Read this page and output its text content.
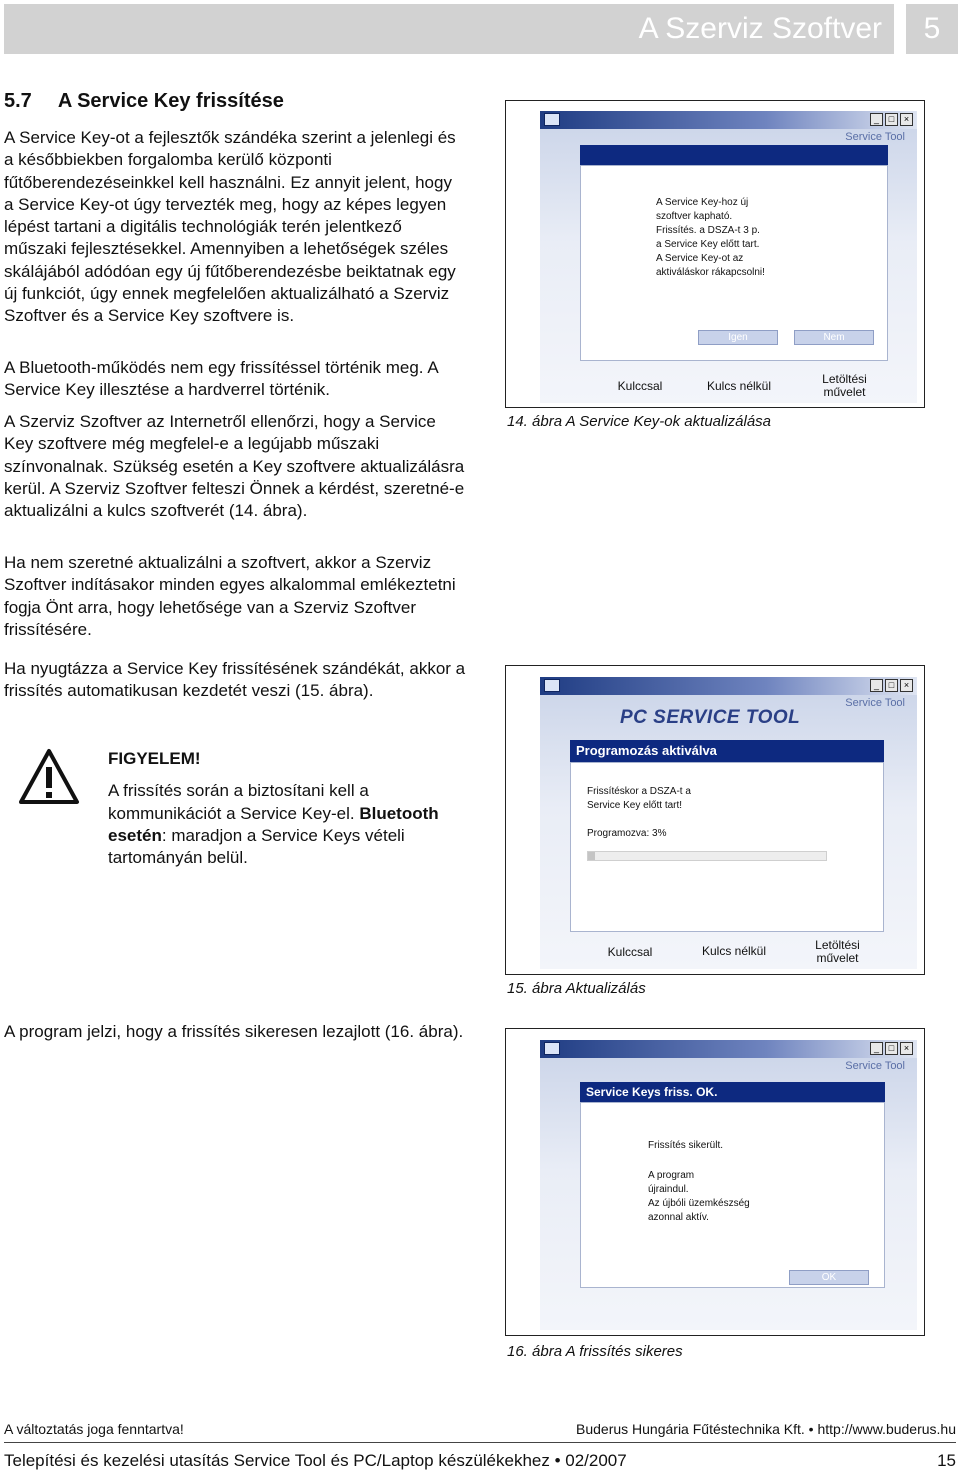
A Szerviz Szoftver	5
5.7 A Service Key frissítése
A Service Key-ot a fejlesztők szándéka szerint a jelenlegi és a későbbiekben forgalomba kerülő központi fűtőberendezéseinkkel kell használni. Ez annyit jelent, hogy a Service Key-ot úgy tervezték meg, hogy az képes legyen lépést tartani a digitális technológiák terén jelentkező műszaki fejlesztésekkel. Amennyiben a lehetőségek széles skálájából adódóan egy új fűtőberendezésbe beiktatnak egy új funkciót, úgy ennek megfelelően aktualizálható a Szerviz Szoftver és a Service Key szoftvere is.
A Bluetooth-működés nem egy frissítéssel történik meg. A Service Key illesztése a hardverrel történik.
A Szerviz Szoftver az Internetről ellenőrzi, hogy a Service Key szoftvere még megfelel-e a legújabb műszaki színvonalnak. Szükség esetén a Key szoftvere aktualizálásra kerül. A Szerviz Szoftver felteszi Önnek a kérdést, szeretné-e aktualizálni a kulcs szoftverét (14. ábra).
Ha nem szeretné aktualizálni a szoftvert, akkor a Szerviz Szoftver indításakor minden egyes alkalommal emlékeztetni fogja Önt arra, hogy lehetősége van a Szerviz Szoftver frissítésére.
Ha nyugtázza a Service Key frissítésének szándékát, akkor a frissítés automatikusan kezdetét veszi (15. ábra).
A program jelzi, hogy a frissítés sikeresen lezajlott (16. ábra).
FIGYELEM!
A frissítés során a biztosítani kell a kommunikációt a Service Key-el. Bluetooth esetén: maradjon a Service Keys vételi tartományán belül.
_	□	×
Service Tool
A Service Key-hoz új
szoftver kapható.
Frissítés. a DSZA-t 3 p.
a Service Key előtt tart.
A Service Key-ot az
aktiváláskor rákapcsolni!
Igen	Nem
Kulccsal	Kulcs nélkül	Letöltési művelet
14. ábra A Service Key-ok aktualizálása
_	□	×
Service Tool
PC SERVICE TOOL
Programozás aktiválva
Frissítéskor a DSZA-t a
Service Key előtt tart!
Programozva: 3%
Kulccsal	Kulcs nélkül	Letöltési művelet
15. ábra Aktualizálás
_	□	×
Service Tool
Service Keys friss. OK.
Frissítés sikerült.
A program
újraindul.
Az újbóli üzemkészség
azonnal aktív.
OK
16. ábra A frissítés sikeres
A változtatás joga fenntartva!	Buderus Hungária Fűtéstechnika Kft. • http://www.buderus.hu
Telepítési és kezelési utasítás Service Tool és PC/Laptop készülékekhez • 02/2007	15
